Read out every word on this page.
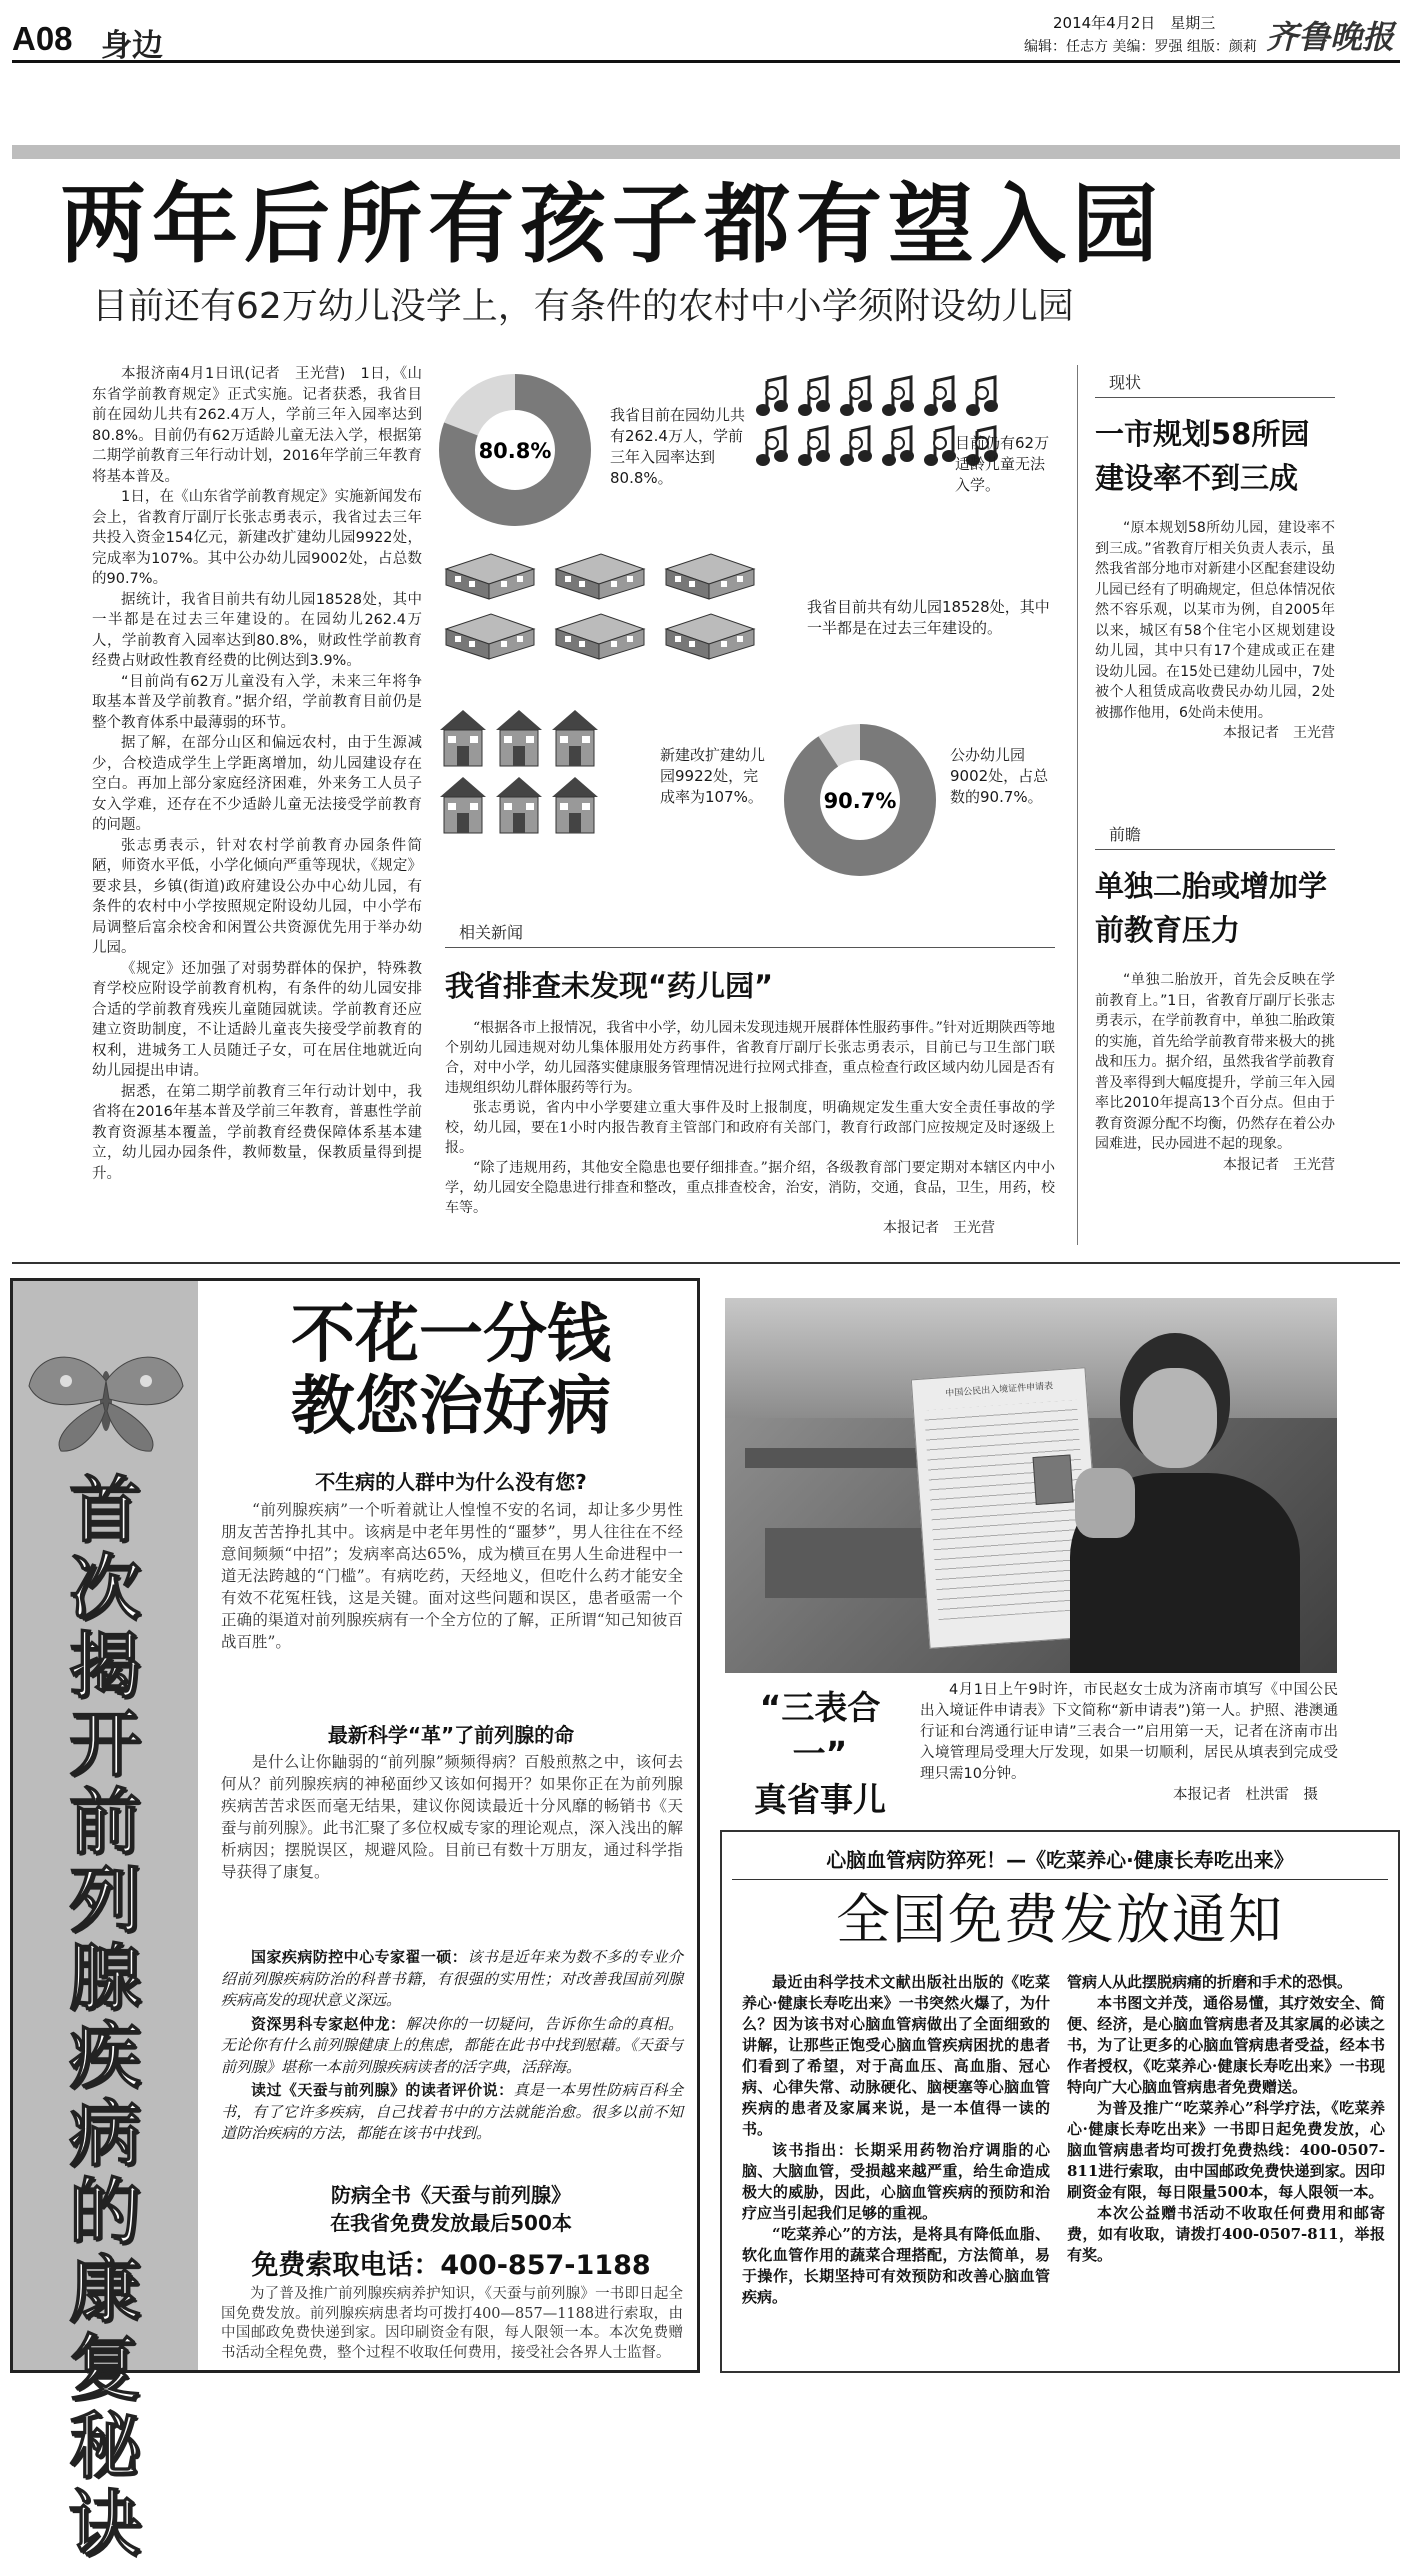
A08 身边
2014年4月2日　 星期三 齐鲁晚报
编辑：任志方 美编：罗强 组版：颜莉
两年后所有孩子都有望入园
目前还有62万幼儿没学上，有条件的农村中小学须附设幼儿园

本报济南4月1日讯(记者　王光营)　1日，《山东省学前教育规定》正式实施。记者获悉，我省目前在园幼儿共有262.4万人，学前三年入园率达到80.8%。目前仍有62万适龄儿童无法入学，根据第二期学前教育三年行动计划，2016年学前三年教育将基本普及。

1日，在《山东省学前教育规定》实施新闻发布会上，省教育厅副厅长张志勇表示，我省过去三年共投入资金154亿元，新建改扩建幼儿园9922处，完成率为107%。其中公办幼儿园9002处，占总数的90.7%。

据统计，我省目前共有幼儿园18528处，其中一半都是在过去三年建设的。在园幼儿262.4万人，学前教育入园率达到80.8%，财政性学前教育经费占财政性教育经费的比例达到3.9%。

“目前尚有62万儿童没有入学，未来三年将争取基本普及学前教育。”据介绍，学前教育目前仍是整个教育体系中最薄弱的环节。

据了解，在部分山区和偏远农村，由于生源减少，合校造成学生上学距离增加，幼儿园建设存在空白。再加上部分家庭经济困难，外来务工人员子女入学难，还存在不少适龄儿童无法接受学前教育的问题。

张志勇表示，针对农村学前教育办园条件简陋，师资水平低，小学化倾向严重等现状，《规定》要求县，乡镇(街道)政府建设公办中心幼儿园，有条件的农村中小学按照规定附设幼儿园，中小学布局调整后富余校舍和闲置公共资源优先用于举办幼儿园。

《规定》还加强了对弱势群体的保护，特殊教育学校应附设学前教育机构，有条件的幼儿园安排合适的学前教育残疾儿童随园就读。学前教育还应建立资助制度，不让适龄儿童丧失接受学前教育的权利，进城务工人员随迁子女，可在居住地就近向幼儿园提出申请。

据悉，在第二期学前教育三年行动计划中，我省将在2016年基本普及学前三年教育，普惠性学前教育资源基本覆盖，学前教育经费保障体系基本建立，幼儿园办园条件，教师数量，保教质量得到提升。

80.8%
我省目前在园幼儿共有262.4万人，学前三年入园率达到80.8%。

目前仍有62万适龄儿童无法入学。
我省目前共有幼儿园18528处，其中一半都是在过去三年建设的。

新建改扩建幼儿园9922处，完成率为107%。	90.7%
公办幼儿园9002处，占总数的90.7%。
相关新闻
我省排查未发现“药儿园”

“根据各市上报情况，我省中小学，幼儿园未发现违规开展群体性服药事件。”针对近期陕西等地个别幼儿园违规对幼儿集体服用处方药事件，省教育厅副厅长张志勇表示，目前已与卫生部门联合，对中小学，幼儿园落实健康服务管理情况进行拉网式排查，重点检查行政区域内幼儿园是否有违规组织幼儿群体服药等行为。

张志勇说，省内中小学要建立重大事件及时上报制度，明确规定发生重大安全责任事故的学校，幼儿园，要在1小时内报告教育主管部门和政府有关部门，教育行政部门应按规定及时逐级上报。

“除了违规用药，其他安全隐患也要仔细排查。”据介绍，各级教育部门要定期对本辖区内中小学，幼儿园安全隐患进行排查和整改，重点排查校舍，治安，消防，交通，食品，卫生，用药，校车等。

本报记者　王光营
现状
一市规划58所园建设率不到三成

“原本规划58所幼儿园，建设率不到三成。”省教育厅相关负责人表示，虽然我省部分地市对新建小区配套建设幼儿园已经有了明确规定，但总体情况依然不容乐观，以某市为例，自2005年以来，城区有58个住宅小区规划建设幼儿园，其中只有17个建成或正在建设幼儿园。在15处已建幼儿园中，7处被个人租赁成高收费民办幼儿园，2处被挪作他用，6处尚未使用。

本报记者　王光营
前瞻
单独二胎或增加学前教育压力

“单独二胎放开，首先会反映在学前教育上。”1日，省教育厅副厅长张志勇表示，在学前教育中，单独二胎政策的实施，首先给学前教育带来极大的挑战和压力。据介绍，虽然我省学前教育普及率得到大幅度提升，学前三年入园率比2010年提高13个百分点。但由于教育资源分配不均衡，仍然存在着公办园难进，民办园进不起的现象。

本报记者　王光营
首次揭开前列腺疾病的康复秘诀
不花一分钱
教您治好病
不生病的人群中为什么没有您?

“前列腺疾病”一个听着就让人惶惶不安的名词，却让多少男性朋友苦苦挣扎其中。该病是中老年男性的“噩梦”，男人往往在不经意间频频“中招”；发病率高达65%，成为横亘在男人生命进程中一道无法跨越的“门槛”。有病吃药，天经地义，但吃什么药才能安全有效不花冤枉钱，这是关键。面对这些问题和误区，患者亟需一个正确的渠道对前列腺疾病有一个全方位的了解，正所谓“知己知彼百战百胜”。

最新科学“革”了前列腺的命

是什么让你鼬弱的“前列腺”频频得病？百般煎熬之中，该何去何从？前列腺疾病的神秘面纱又该如何揭开？如果你正在为前列腺疾病苦苦求医而毫无结果，建议你阅读最近十分风靡的畅销书《天蚕与前列腺》。此书汇聚了多位权威专家的理论观点，深入浅出的解析病因；摆脱误区，规避风险。目前已有数十万朋友，通过科学指导获得了康复。

国家疾病防控中心专家翟一硕：该书是近年来为数不多的专业介绍前列腺疾病防治的科普书籍，有很强的实用性；对改善我国前列腺疾病高发的现状意义深远。

资深男科专家赵仲龙：解决你的一切疑问，告诉你生命的真相。无论你有什么前列腺健康上的焦虑，都能在此书中找到慰藉。《天蚕与前列腺》堪称一本前列腺疾病读者的活字典，活辞海。

读过《天蚕与前列腺》的读者评价说：真是一本男性防病百科全书，有了它许多疾病，自己找着书中的方法就能治愈。很多以前不知道防治疾病的方法，都能在该书中找到。

防病全书《天蚕与前列腺》
在我省免费发放最后500本
免费索取电话：400-857-1188

为了普及推广前列腺疾病养护知识，《天蚕与前列腺》一书即日起全国免费发放。前列腺疾病患者均可拨打400—857—1188进行索取，由中国邮政免费快递到家。因印刷资金有限，每人限领一本。本次免费赠书活动全程免费，整个过程不收取任何费用，接受社会各界人士监督。

中国公民出入境证件申请表
“三表合一”
真省事儿

4月1日上午9时许，市民赵女士成为济南市填写《中国公民出入境证件申请表》下文简称“新申请表”)第一人。护照、港澳通行证和台湾通行证申请”三表合一”启用第一天，记者在济南市出入境管理局受理大厅发现，如果一切顺利，居民从填表到完成受理只需10分钟。

本报记者　杜洪雷　摄
心脑血管病防猝死！—《吃菜养心·健康长寿吃出来》
全国免费发放通知

最近由科学技术文献出版社出版的《吃菜养心·健康长寿吃出来》一书突然火爆了，为什么？因为该书对心脑血管病做出了全面细致的讲解，让那些正饱受心脑血管疾病困扰的患者们看到了希望，对于高血压、高血脂、冠心病、心律失常、动脉硬化、脑梗塞等心脑血管疾病的患者及家属来说，是一本值得一读的书。

该书指出：长期采用药物治疗调脂的心脑、大脑血管，受损越来越严重，给生命造成极大的威胁，因此，心脑血管疾病的预防和治疗应当引起我们足够的重视。

“吃菜养心”的方法，是将具有降低血脂、软化血管作用的蔬菜合理搭配，方法简单，易于操作，长期坚持可有效预防和改善心脑血管疾病。

管病人从此摆脱病痛的折磨和手术的恐惧。

本书图文并茂，通俗易懂，其疗效安全、简便、经济，是心脑血管病患者及其家属的必读之书，为了让更多的心脑血管病患者受益，经本书作者授权，《吃菜养心·健康长寿吃出来》一书现特向广大心脑血管病患者免费赠送。

为普及推广“吃菜养心”科学疗法，《吃菜养心·健康长寿吃出来》一书即日起免费发放，心脑血管病患者均可拨打免费热线：400-0507-811进行索取，由中国邮政免费快递到家。因印刷资金有限，每日限量500本，每人限领一本。

本次公益赠书活动不收取任何费用和邮寄费，如有收取，请拨打400-0507-811，举报有奖。
